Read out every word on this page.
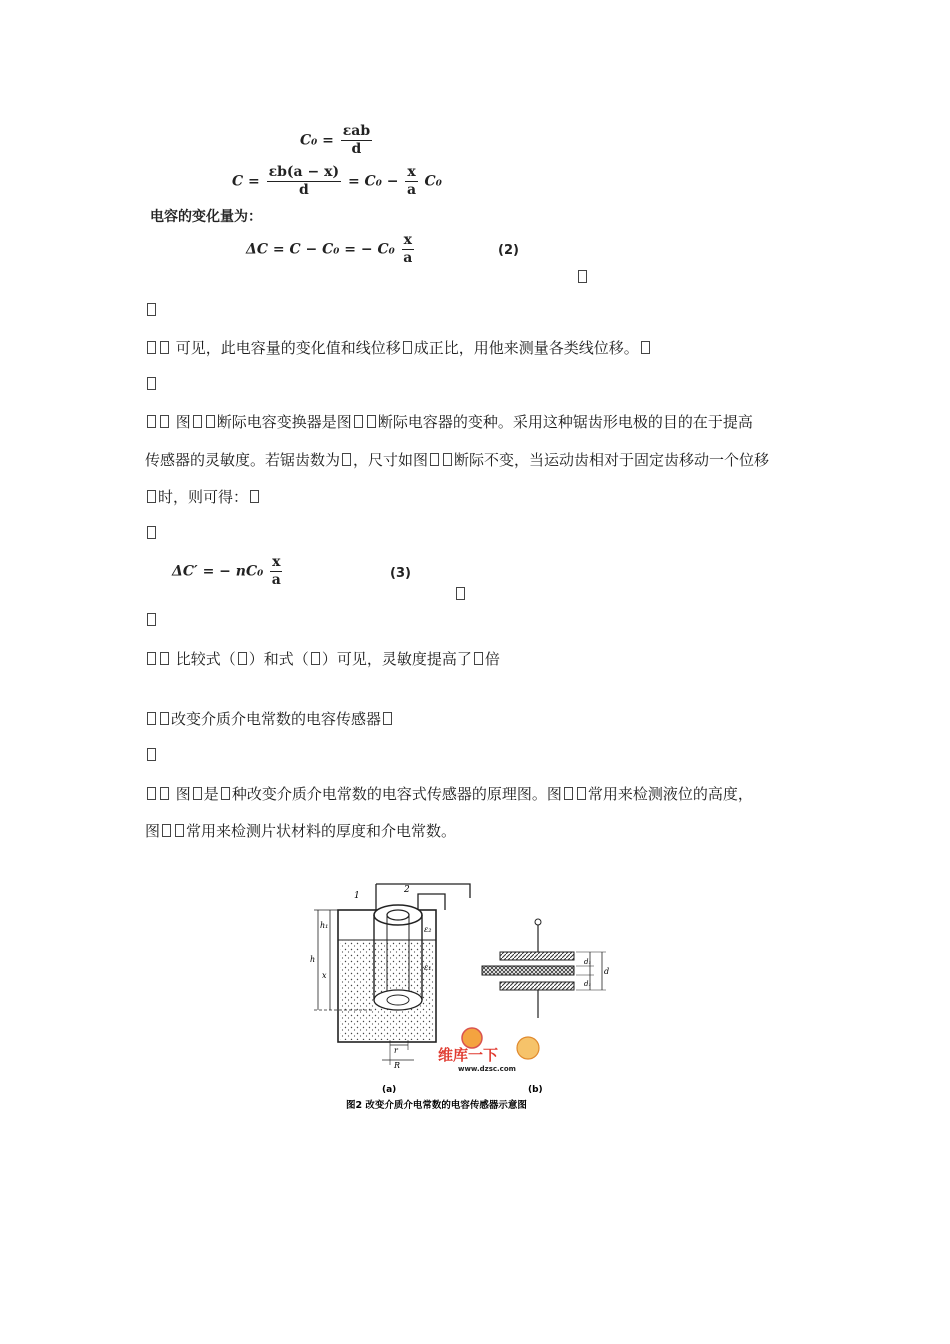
$C_0 = \frac{\text{εab}}{d}$
$C = \frac{\varepsilon b(a - x)}{d} = C_0 - \frac{x}{a} C_0$
电容的变化量为：
ΔC = C − C₀ = − $C_0 \frac{x}{a}$	(2)
可见，此电容量的变化值和线位移 成正比，用他来测量各类线位移。
图 断际电容变换器是图 断际电容器的变种。采用这种锯齿形电极的目的在于提高
传感器的灵敏度。若锯齿数为 ，尺寸如图 断际不变，当运动齿相对于固定齿移动一个位移
时，则可得：
ΔC′ = − $nC_0 \frac{x}{a}$	(3)
比较式（ ）和式（ ）可见，灵敏度提高了 倍
改变介质介电常数的电容传感器
图 是 种改变介质介电常数的电容式传感器的原理图。图 常用来检测液位的高度，
图 常用来检测片状材料的厚度和介电常数。
1
2
h₁
h
x
ε₂
ε₁
r
R
d₁
d
d₁
维库一下
www.dzsc.com
(a)	(b)
图2 改变介质介电常数的电容传感器示意图
